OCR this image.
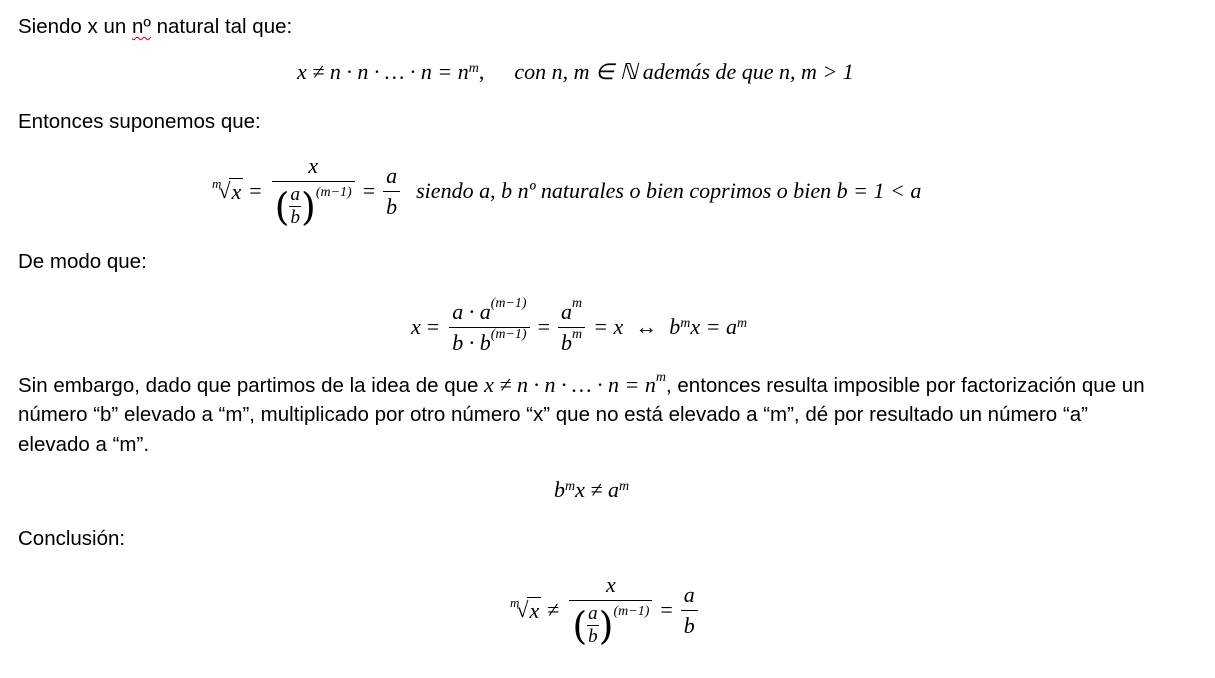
Siendo x un nº natural tal que:
x ≠ n · n · … · $n = n^m$ , con n, m ∈ ℕ además de que n, m > 1
Entonces suponemos que:
m
√ x =
x
( $\frac{a}{b} )^{(m-1)} = \frac{a}{b}$ siendo a, b nº naturales o bien coprimos o bien b = 1 < a
De modo que:
$x = \frac{a \cdot a^{(m-1)}}{b \cdot b^{(m-1)}} = \frac{a^m}{b^m} = x$ ↔ $b^m$ $x = a^m$
Sin embargo, dado que partimos de la idea de que x ≠ n · n · … · $n = n^m$, entonces resulta imposible por factorización que un
número “b” elevado a “m”, multiplicado por otro número “x” que no está elevado a “m”, dé por resultado un número “a”
elevado a “m”.
$b^m$ $x \ne a^m$
Conclusión:
m
√ x ≠
x
( $\frac{a}{b} )^{(m-1)} = \frac{a}{b}$
